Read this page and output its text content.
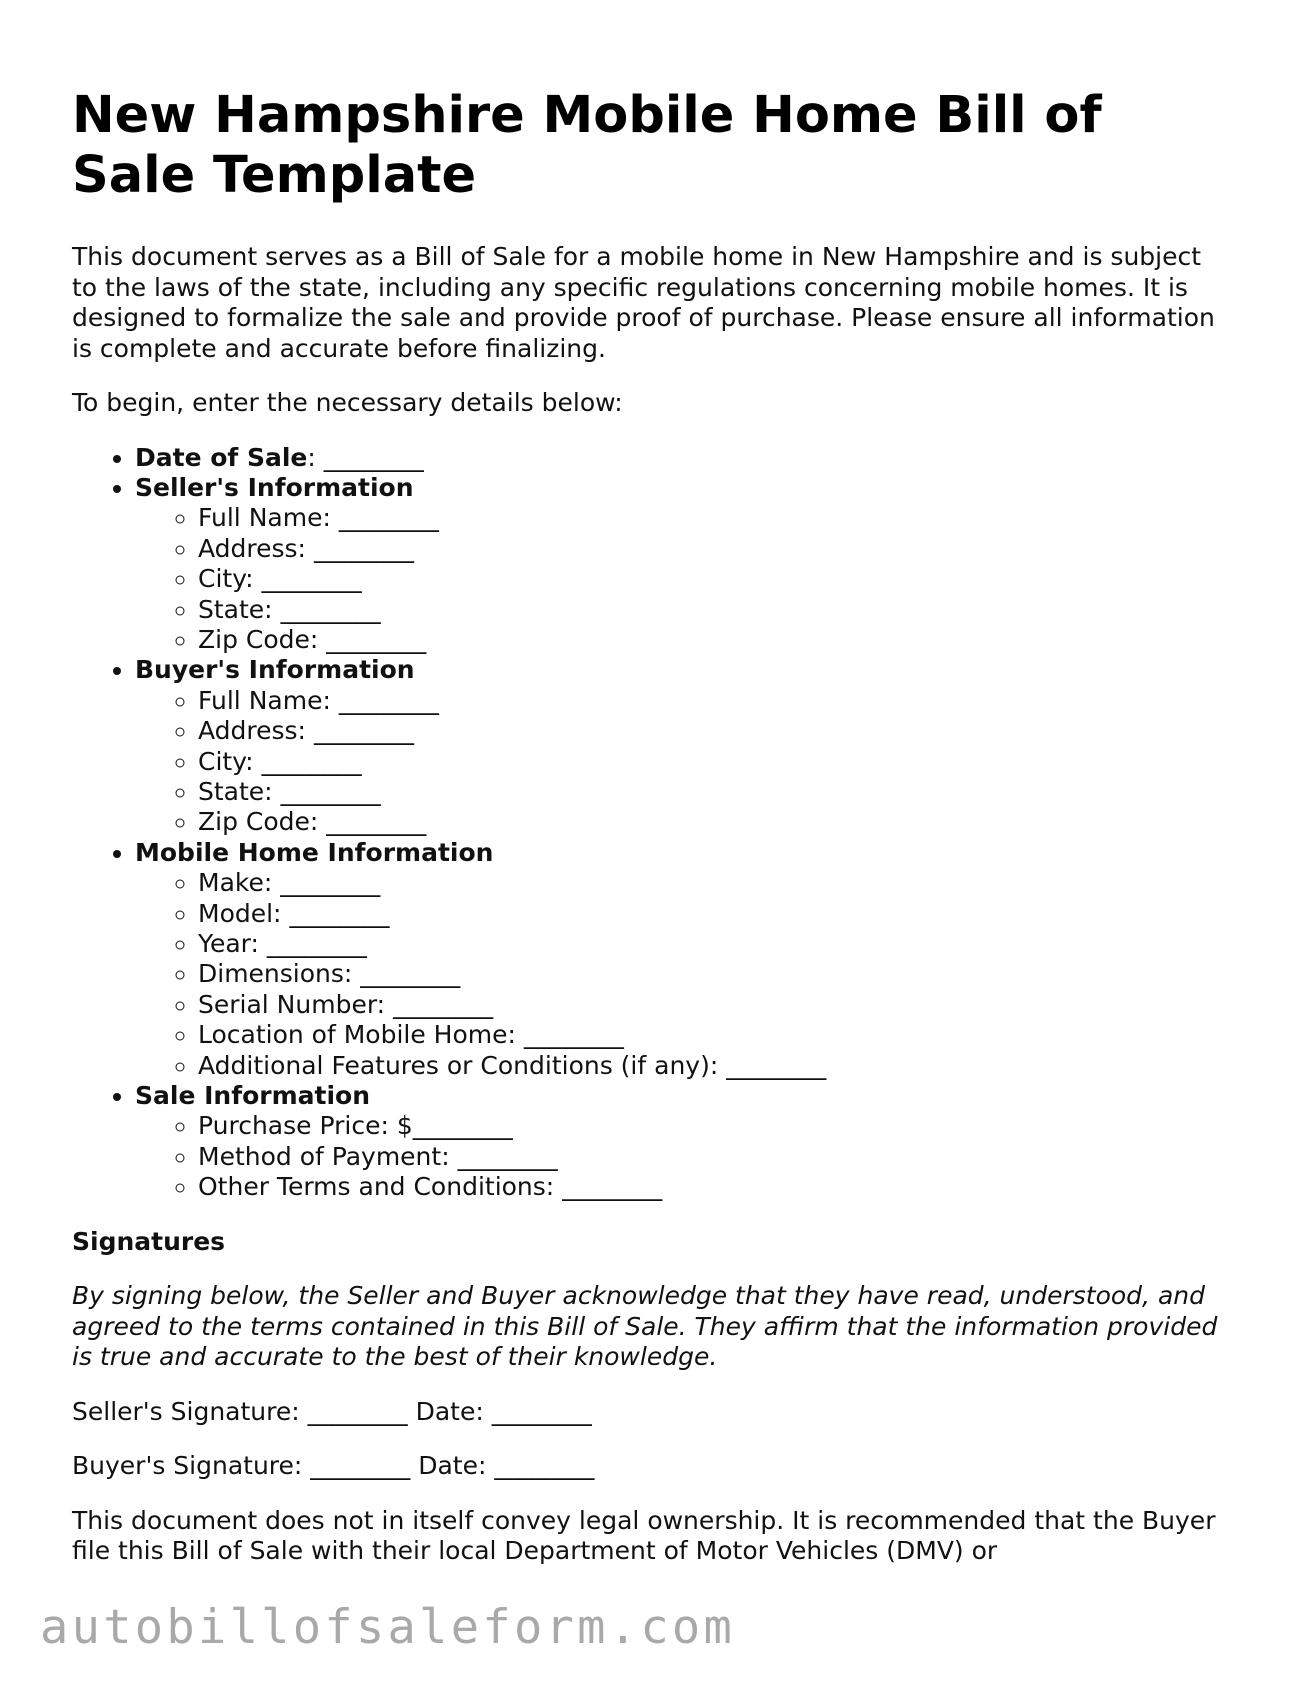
New Hampshire Mobile Home Bill of Sale Template

This document serves as a Bill of Sale for a mobile home in New Hampshire and is subject to the laws of the state, including any specific regulations concerning mobile homes. It is designed to formalize the sale and provide proof of purchase. Please ensure all information is complete and accurate before finalizing.

To begin, enter the necessary details below:

• Date of Sale: ________
• Seller's Information
◦ Full Name: ________
◦ Address: ________
◦ City: ________
◦ State: ________
◦ Zip Code: ________
• Buyer's Information
◦ Full Name: ________
◦ Address: ________
◦ City: ________
◦ State: ________
◦ Zip Code: ________
• Mobile Home Information
◦ Make: ________
◦ Model: ________
◦ Year: ________
◦ Dimensions: ________
◦ Serial Number: ________
◦ Location of Mobile Home: ________
◦ Additional Features or Conditions (if any): ________
• Sale Information
◦ Purchase Price: $________
◦ Method of Payment: ________
◦ Other Terms and Conditions: ________

Signatures

By signing below, the Seller and Buyer acknowledge that they have read, understood, and agreed to the terms contained in this Bill of Sale. They affirm that the information provided is true and accurate to the best of their knowledge.

Seller's Signature: ________ Date: ________

Buyer's Signature: ________ Date: ________

This document does not in itself convey legal ownership. It is recommended that the Buyer file this Bill of Sale with their local Department of Motor Vehicles (DMV) or

autobillofsaleform.com
